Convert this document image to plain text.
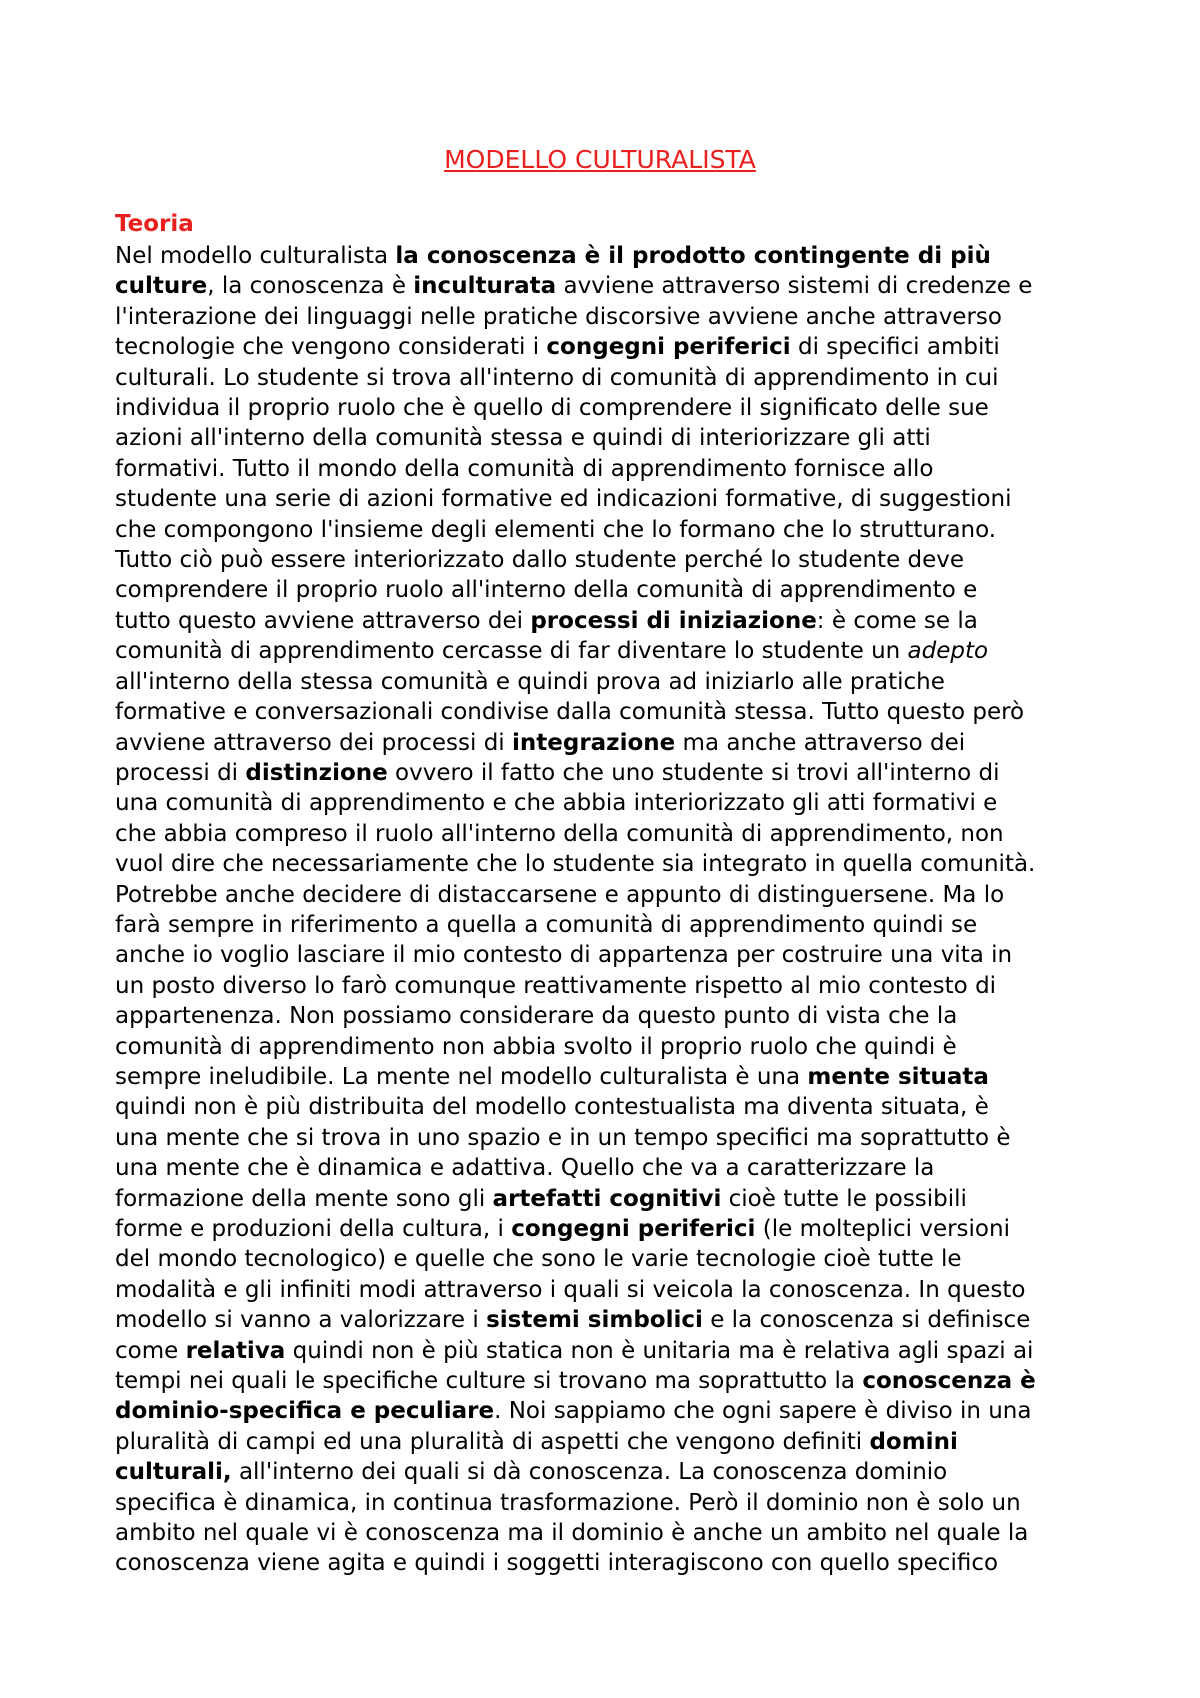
MODELLO CULTURALISTA
Teoria
Nel modello culturalista la conoscenza è il prodotto contingente di più
culture, la conoscenza è inculturata avviene attraverso sistemi di credenze e
l'interazione dei linguaggi nelle pratiche discorsive avviene anche attraverso
tecnologie che vengono considerati i congegni periferici di specifici ambiti
culturali. Lo studente si trova all'interno di comunità di apprendimento in cui
individua il proprio ruolo che è quello di comprendere il significato delle sue
azioni all'interno della comunità stessa e quindi di interiorizzare gli atti
formativi. Tutto il mondo della comunità di apprendimento fornisce allo
studente una serie di azioni formative ed indicazioni formative, di suggestioni
che compongono l'insieme degli elementi che lo formano che lo strutturano.
Tutto ciò può essere interiorizzato dallo studente perché lo studente deve
comprendere il proprio ruolo all'interno della comunità di apprendimento e
tutto questo avviene attraverso dei processi di iniziazione: è come se la
comunità di apprendimento cercasse di far diventare lo studente un adepto
all'interno della stessa comunità e quindi prova ad iniziarlo alle pratiche
formative e conversazionali condivise dalla comunità stessa. Tutto questo però
avviene attraverso dei processi di integrazione ma anche attraverso dei
processi di distinzione ovvero il fatto che uno studente si trovi all'interno di
una comunità di apprendimento e che abbia interiorizzato gli atti formativi e
che abbia compreso il ruolo all'interno della comunità di apprendimento, non
vuol dire che necessariamente che lo studente sia integrato in quella comunità.
Potrebbe anche decidere di distaccarsene e appunto di distinguersene. Ma lo
farà sempre in riferimento a quella a comunità di apprendimento quindi se
anche io voglio lasciare il mio contesto di appartenza per costruire una vita in
un posto diverso lo farò comunque reattivamente rispetto al mio contesto di
appartenenza. Non possiamo considerare da questo punto di vista che la
comunità di apprendimento non abbia svolto il proprio ruolo che quindi è
sempre ineludibile. La mente nel modello culturalista è una mente situata
quindi non è più distribuita del modello contestualista ma diventa situata, è
una mente che si trova in uno spazio e in un tempo specifici ma soprattutto è
una mente che è dinamica e adattiva. Quello che va a caratterizzare la
formazione della mente sono gli artefatti cognitivi cioè tutte le possibili
forme e produzioni della cultura, i congegni periferici (le molteplici versioni
del mondo tecnologico) e quelle che sono le varie tecnologie cioè tutte le
modalità e gli infiniti modi attraverso i quali si veicola la conoscenza. In questo
modello si vanno a valorizzare i sistemi simbolici e la conoscenza si definisce
come relativa quindi non è più statica non è unitaria ma è relativa agli spazi ai
tempi nei quali le specifiche culture si trovano ma soprattutto la conoscenza è
dominio-specifica e peculiare. Noi sappiamo che ogni sapere è diviso in una
pluralità di campi ed una pluralità di aspetti che vengono definiti domini
culturali, all'interno dei quali si dà conoscenza. La conoscenza dominio
specifica è dinamica, in continua trasformazione. Però il dominio non è solo un
ambito nel quale vi è conoscenza ma il dominio è anche un ambito nel quale la
conoscenza viene agita e quindi i soggetti interagiscono con quello specifico
